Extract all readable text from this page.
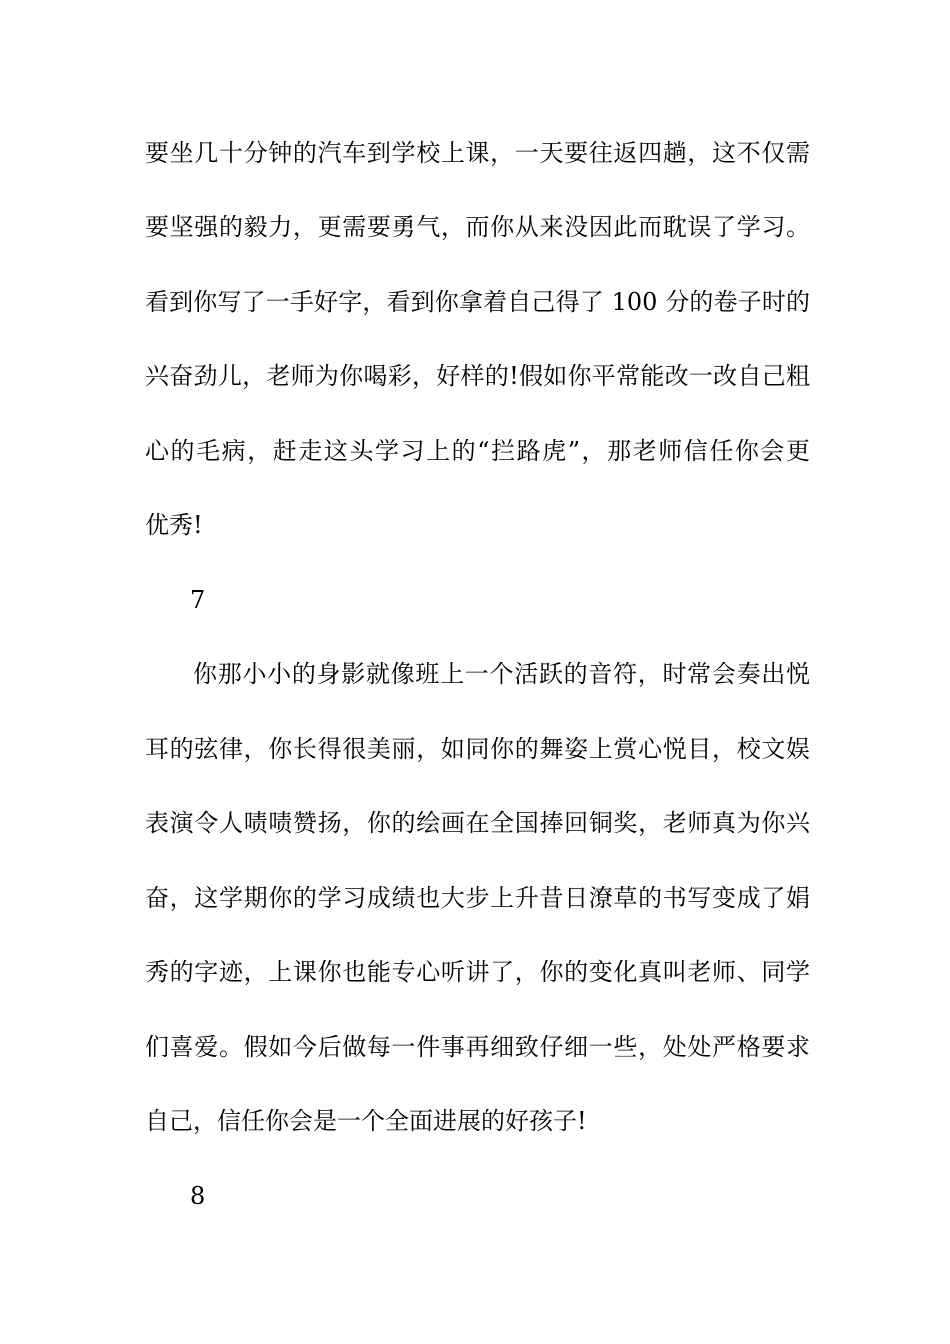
要坐几十分钟的汽车到学校上课，一天要往返四趟，这不仅需
要坚强的毅力，更需要勇气，而你从来没因此而耽误了学习。
看到你写了一手好字，看到你拿着自己得了 100 分的卷子时的
兴奋劲儿，老师为你喝彩，好样的!假如你平常能改一改自己粗
心的毛病，赶走这头学习上的“拦路虎”，那老师信任你会更
优秀!
7
你那小小的身影就像班上一个活跃的音符，时常会奏出悦
耳的弦律，你长得很美丽，如同你的舞姿上赏心悦目，校文娱
表演令人啧啧赞扬，你的绘画在全国捧回铜奖，老师真为你兴
奋，这学期你的学习成绩也大步上升昔日潦草的书写变成了娟
秀的字迹，上课你也能专心听讲了，你的变化真叫老师、同学
们喜爱。假如今后做每一件事再细致仔细一些，处处严格要求
自己，信任你会是一个全面进展的好孩子!
8
